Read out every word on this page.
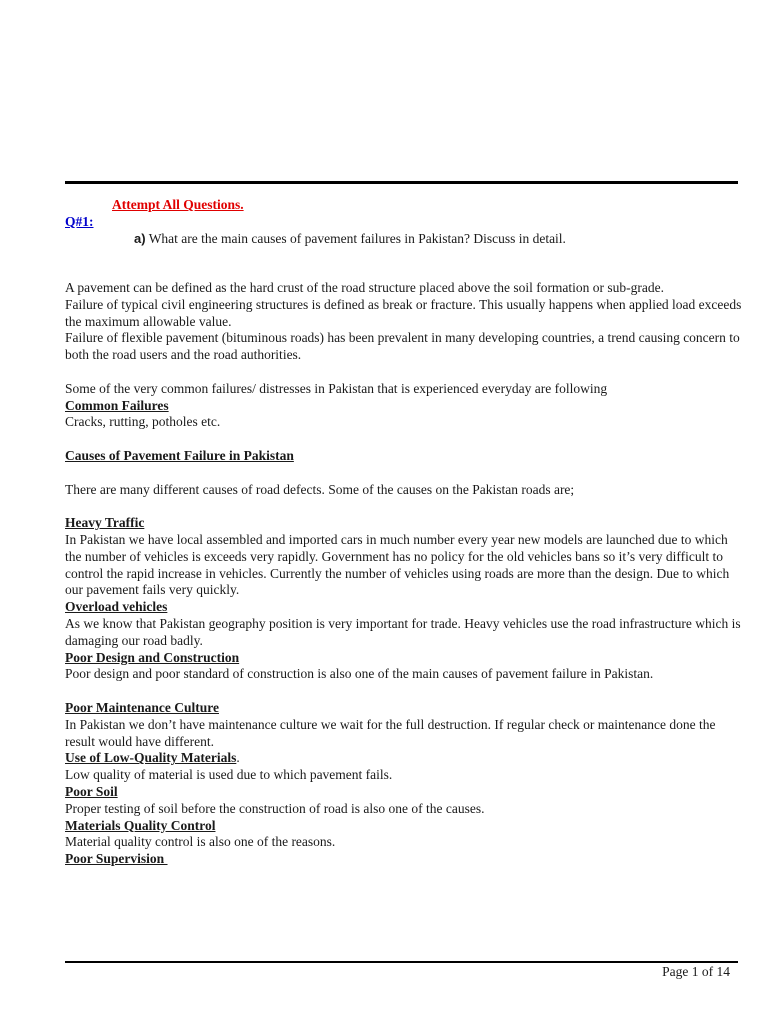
Attempt All Questions.
Q#1:
a) What are the main causes of pavement failures in Pakistan? Discuss in detail.

A pavement can be defined as the hard crust of the road structure placed above the soil formation or sub-grade.

Failure of typical civil engineering structures is defined as break or fracture. This usually happens when applied load exceeds the maximum allowable value.

Failure of flexible pavement (bituminous roads) has been prevalent in many developing countries, a trend causing concern to both the road users and the road authorities.

Some of the very common failures/ distresses in Pakistan that is experienced everyday are following

Common Failures

Cracks, rutting, potholes etc.

Causes of Pavement Failure in Pakistan

There are many different causes of road defects. Some of the causes on the Pakistan roads are;

Heavy Traffic

In Pakistan we have local assembled and imported cars in much number every year new models are launched due to which the number of vehicles is exceeds very rapidly. Government has no policy for the old vehicles bans so it’s very difficult to control the rapid increase in vehicles. Currently the number of vehicles using roads are more than the design. Due to which our pavement fails very quickly.

Overload vehicles

As we know that Pakistan geography position is very important for trade. Heavy vehicles use the road infrastructure which is damaging our road badly.

Poor Design and Construction

Poor design and poor standard of construction is also one of the main causes of pavement failure in Pakistan.

Poor Maintenance Culture

In Pakistan we don’t have maintenance culture we wait for the full destruction. If regular check or maintenance done the result would have different.

Use of Low-Quality Materials.

Low quality of material is used due to which pavement fails.

Poor Soil

Proper testing of soil before the construction of road is also one of the causes.

Materials Quality Control

Material quality control is also one of the reasons.

Poor Supervision

Page 1 of 14
